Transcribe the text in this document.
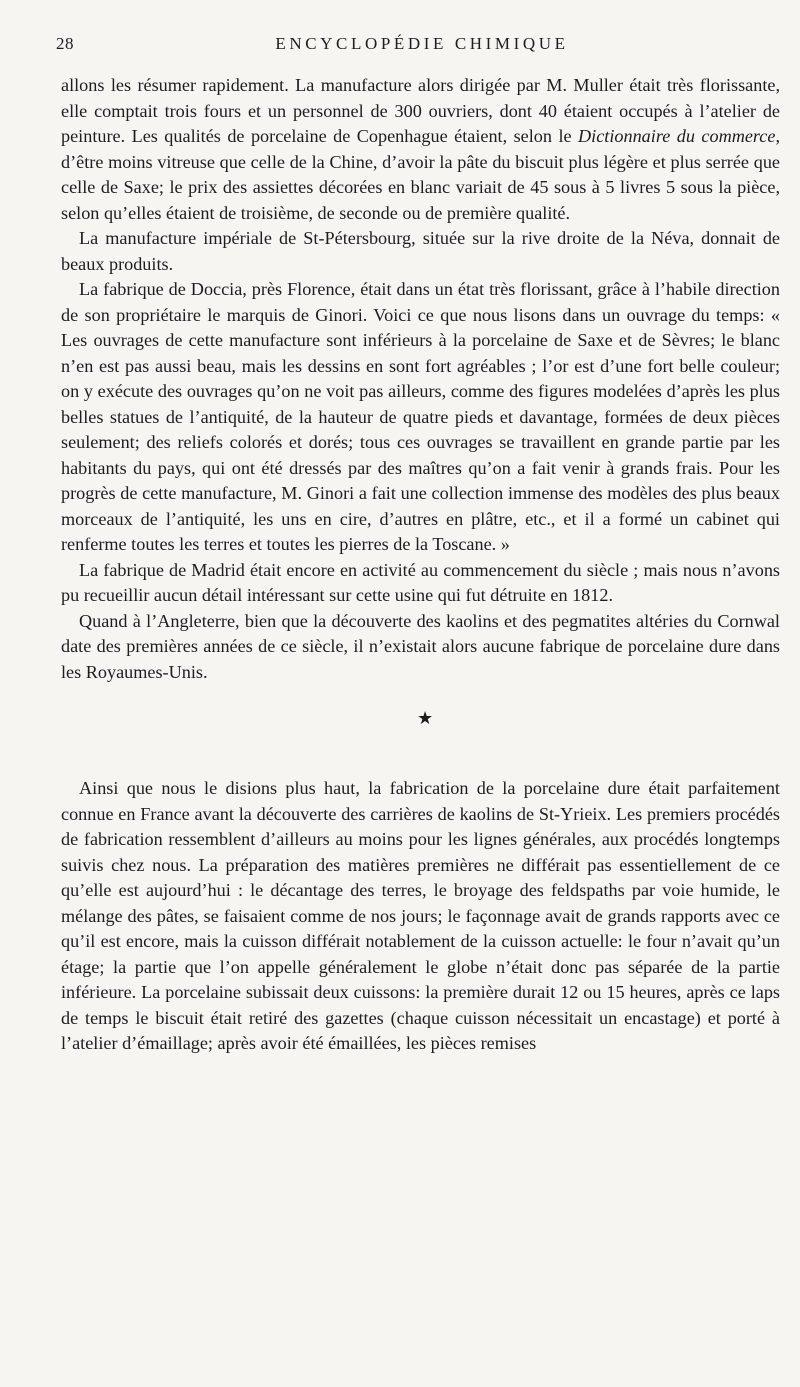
28	ENCYCLOPÉDIE CHIMIQUE

allons les résumer rapidement. La manufacture alors dirigée par M. Muller était très florissante, elle comptait trois fours et un personnel de 300 ouvriers, dont 40 étaient occupés à l’atelier de peinture. Les qualités de porcelaine de Copenhague étaient, selon le Dictionnaire du commerce, d’être moins vitreuse que celle de la Chine, d’avoir la pâte du biscuit plus légère et plus serrée que celle de Saxe; le prix des assiettes décorées en blanc variait de 45 sous à 5 livres 5 sous la pièce, selon qu’elles étaient de troisième, de seconde ou de première qualité.

La manufacture impériale de St-Pétersbourg, située sur la rive droite de la Néva, donnait de beaux produits.

La fabrique de Doccia, près Florence, était dans un état très florissant, grâce à l’habile direction de son propriétaire le marquis de Ginori. Voici ce que nous lisons dans un ouvrage du temps: « Les ouvrages de cette manufacture sont inférieurs à la porcelaine de Saxe et de Sèvres; le blanc n’en est pas aussi beau, mais les dessins en sont fort agréables ; l’or est d’une fort belle couleur; on y exécute des ouvrages qu’on ne voit pas ailleurs, comme des figures modelées d’après les plus belles statues de l’antiquité, de la hauteur de quatre pieds et davantage, formées de deux pièces seulement; des reliefs colorés et dorés; tous ces ouvrages se travaillent en grande partie par les habitants du pays, qui ont été dressés par des maîtres qu’on a fait venir à grands frais. Pour les progrès de cette manufacture, M. Ginori a fait une collection immense des modèles des plus beaux morceaux de l’antiquité, les uns en cire, d’autres en plâtre, etc., et il a formé un cabinet qui renferme toutes les terres et toutes les pierres de la Toscane. »

La fabrique de Madrid était encore en activité au commencement du siècle ; mais nous n’avons pu recueillir aucun détail intéressant sur cette usine qui fut détruite en 1812.

Quand à l’Angleterre, bien que la découverte des kaolins et des pegmatites altéries du Cornwal date des premières années de ce siècle, il n’existait alors aucune fabrique de porcelaine dure dans les Royaumes-Unis.

★

Ainsi que nous le disions plus haut, la fabrication de la porcelaine dure était parfaitement connue en France avant la découverte des carrières de kaolins de St-Yrieix. Les premiers procédés de fabrication ressemblent d’ailleurs au moins pour les lignes générales, aux procédés longtemps suivis chez nous. La préparation des matières premières ne différait pas essentiellement de ce qu’elle est aujourd’hui : le décantage des terres, le broyage des feldspaths par voie humide, le mélange des pâtes, se faisaient comme de nos jours; le façonnage avait de grands rapports avec ce qu’il est encore, mais la cuisson différait notablement de la cuisson actuelle: le four n’avait qu’un étage; la partie que l’on appelle généralement le globe n’était donc pas séparée de la partie inférieure. La porcelaine subissait deux cuissons: la première durait 12 ou 15 heures, après ce laps de temps le biscuit était retiré des gazettes (chaque cuisson nécessitait un encastage) et porté à l’atelier d’émaillage; après avoir été émaillées, les pièces remises
